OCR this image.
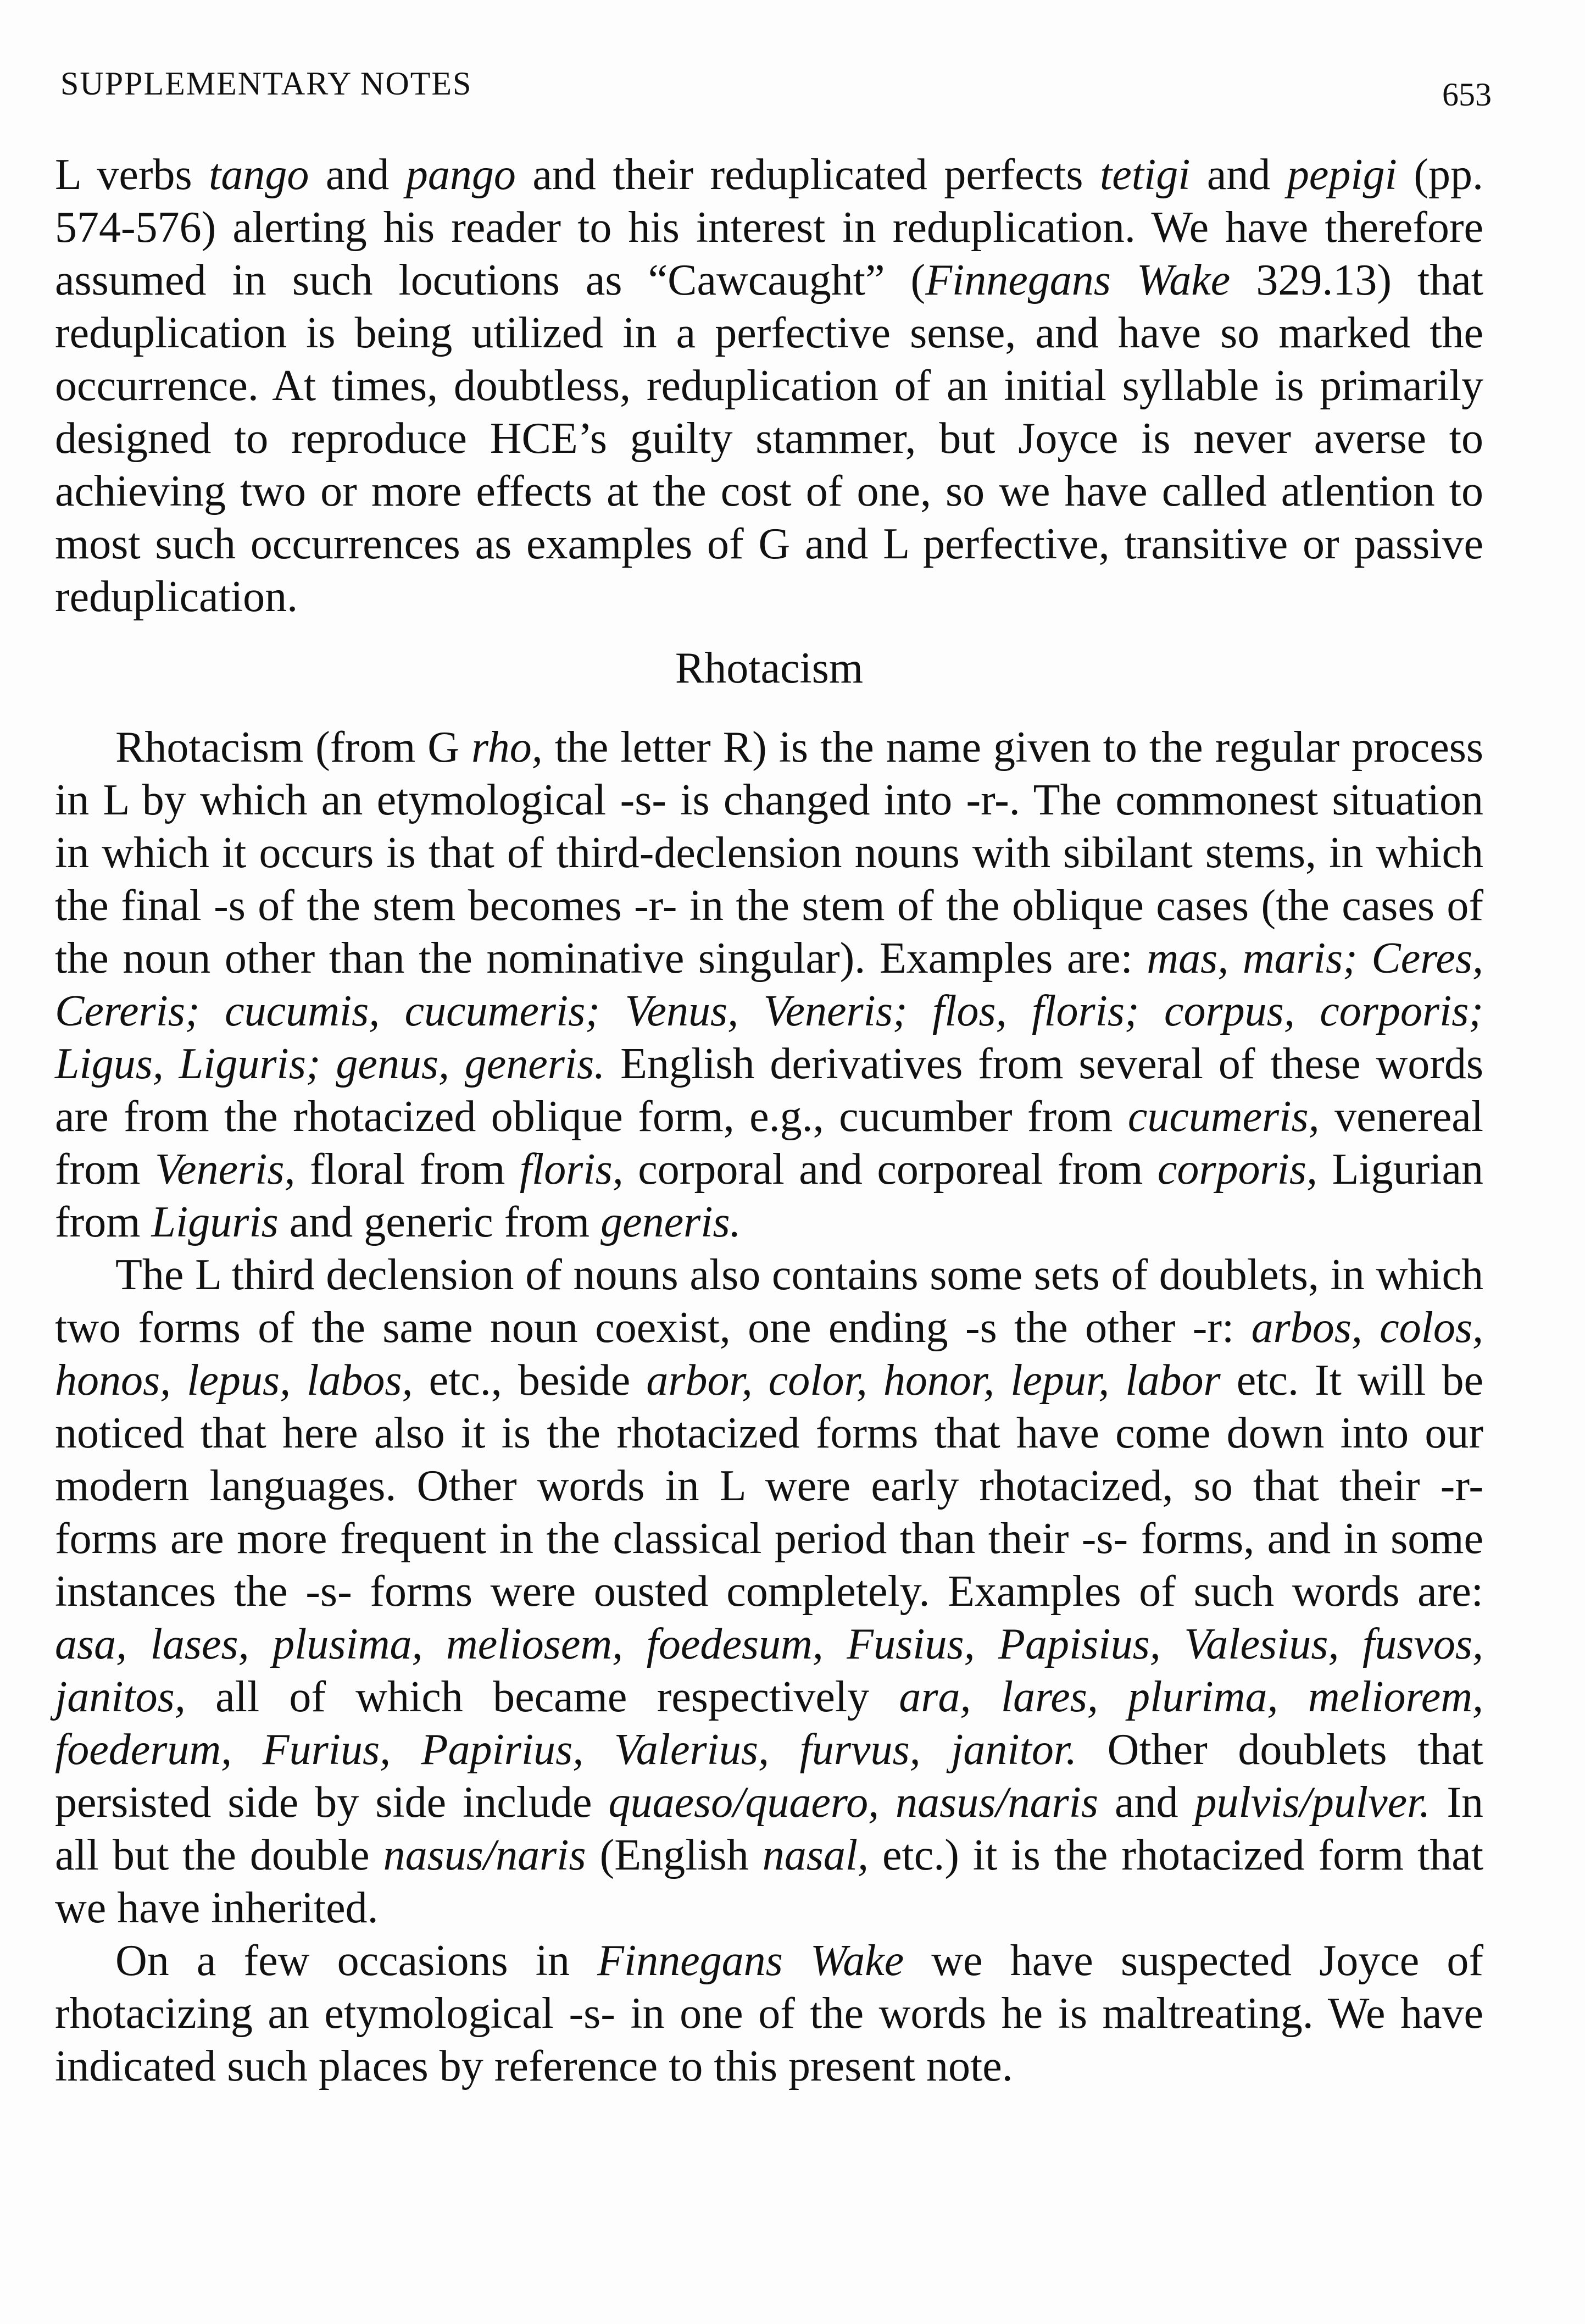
SUPPLEMENTARY NOTES	653

L verbs tango and pango and their reduplicated perfects tetigi and pepigi (pp. 574-576) alerting his reader to his interest in reduplication. We have therefore assumed in such locutions as “Cawcaught” (Finnegans Wake 329.13) that reduplication is being utilized in a perfective sense, and have so marked the occurrence. At times, doubtless, reduplication of an initial syllable is primarily designed to reproduce HCE’s guilty stammer, but Joyce is never averse to achieving two or more effects at the cost of one, so we have called atlention to most such occurrences as examples of G and L perfective, transitive or passive reduplication.

Rhotacism

Rhotacism (from G rho, the letter R) is the name given to the regular process in L by which an etymological -s- is changed into -r-. The commonest situation in which it occurs is that of third-declension nouns with sibilant stems, in which the final -s of the stem becomes -r- in the stem of the oblique cases (the cases of the noun other than the nominative singular). Examples are: mas, maris; Ceres, Cereris; cucumis, cucumeris; Venus, Veneris; flos, floris; corpus, corporis; Ligus, Liguris; genus, generis. English derivatives from several of these words are from the rhotacized oblique form, e.g., cucumber from cucumeris, venereal from Veneris, floral from floris, corporal and corporeal from corporis, Ligurian from Liguris and generic from generis.

The L third declension of nouns also contains some sets of doublets, in which two forms of the same noun coexist, one ending -s the other -r: arbos, colos, honos, lepus, labos, etc., beside arbor, color, honor, lepur, labor etc. It will be noticed that here also it is the rhotacized forms that have come down into our modern languages. Other words in L were early rhotacized, so that their -r- forms are more frequent in the classical period than their -s- forms, and in some instances the -s- forms were ousted completely. Examples of such words are: asa, lases, plusima, meliosem, foedesum, Fusius, Papisius, Valesius, fusvos, janitos, all of which became respectively ara, lares, plurima, meliorem, foederum, Furius, Papirius, Valerius, furvus, janitor. Other doublets that persisted side by side include quaeso/quaero, nasus/naris and pulvis/pulver. In all but the double nasus/naris (English nasal, etc.) it is the rhotacized form that we have inherited.

On a few occasions in Finnegans Wake we have suspected Joyce of rhotacizing an etymological -s- in one of the words he is maltreating. We have indicated such places by reference to this present note.
